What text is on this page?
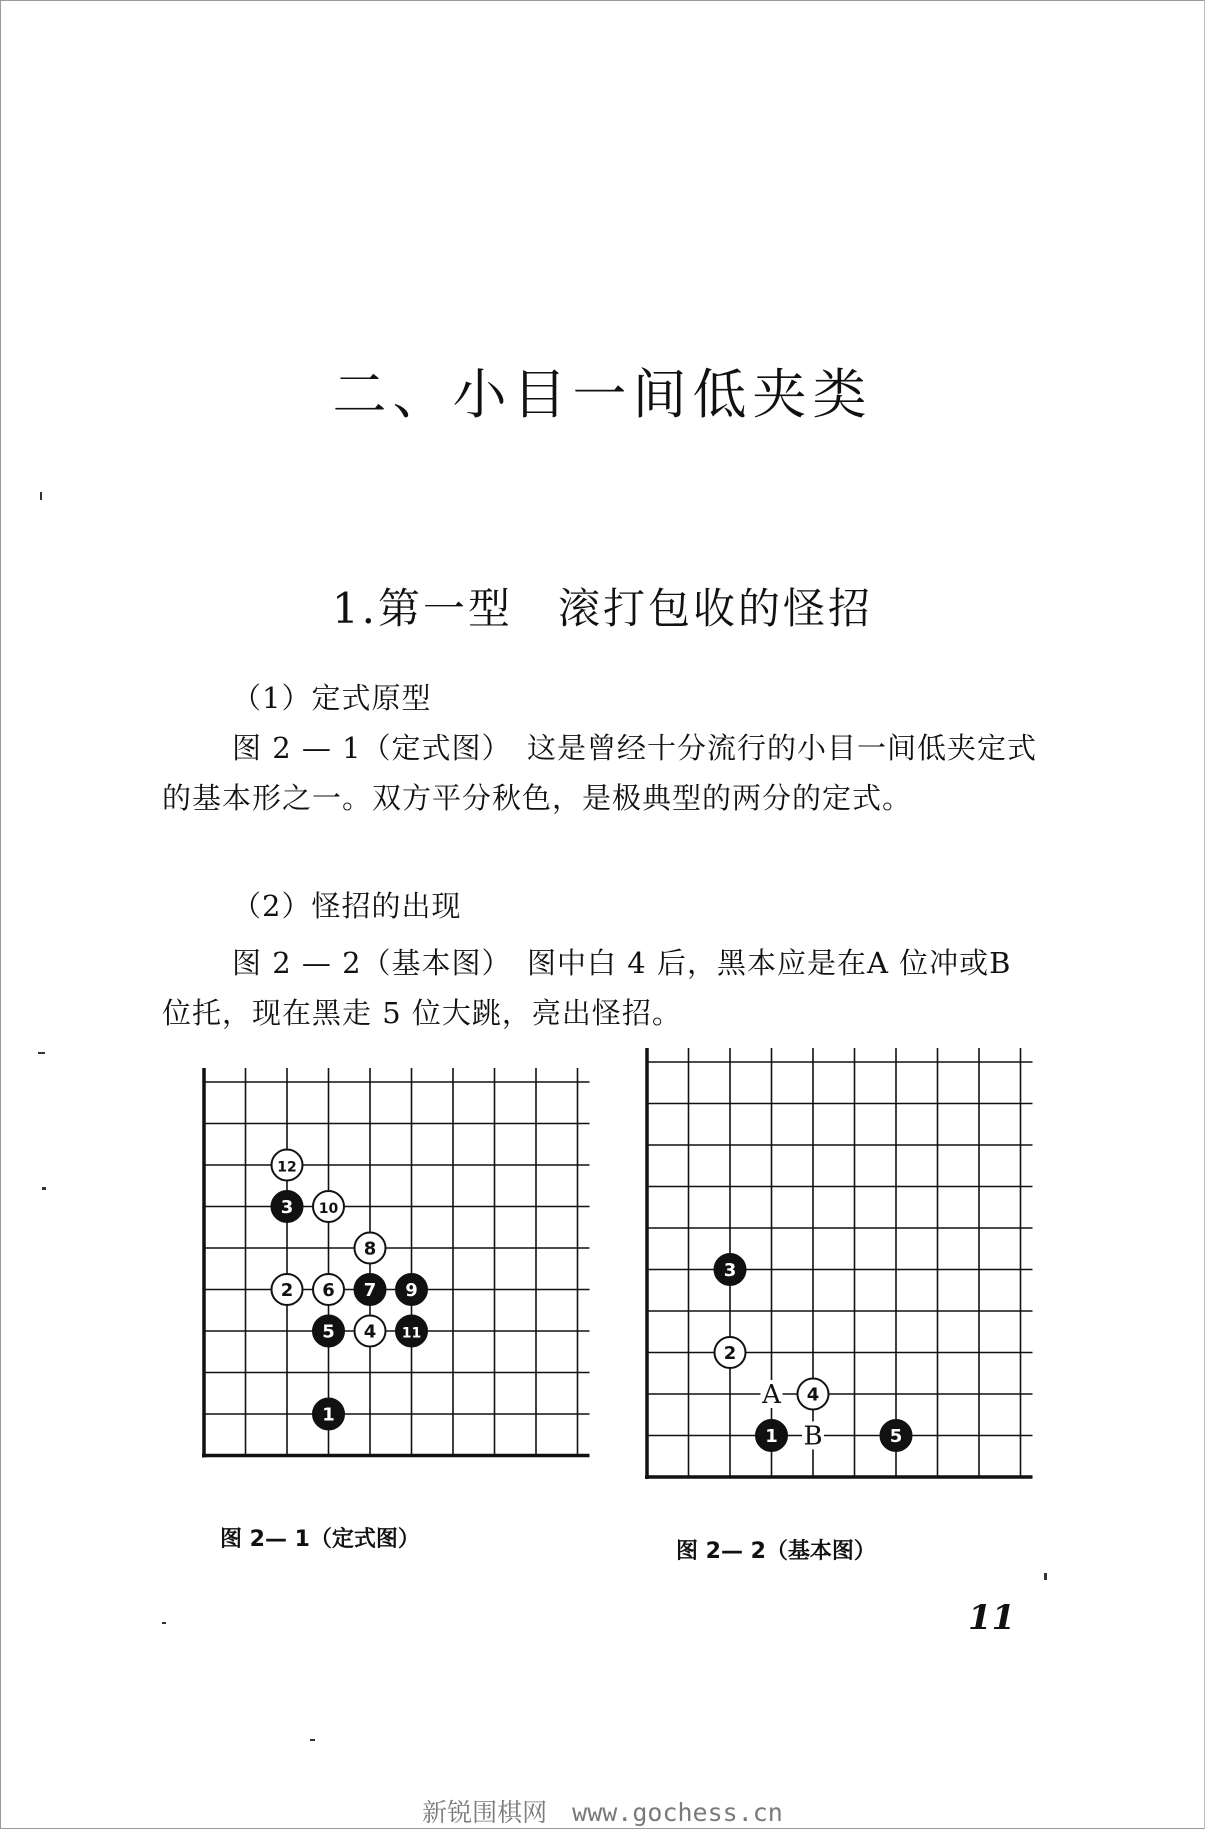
二、小目一间低夹类
1.第一型　滚打包收的怪招
（1）定式原型
图 2 — 1（定式图）　这是曾经十分流行的小目一间低夹定式的基本形之一。双方平分秋色，是极典型的两分的定式。
（2）怪招的出现
图 2 — 2（基本图）　图中白 4 后，黑本应是在A 位冲或B 位托，现在黑走 5 位大跳，亮出怪招。
1
2
3
4
5
6 7
8
9
10
11
12
1
2
3
4
5
A
B
图 2— 1（定式图）	图 2— 2（基本图）
11
新锐围棋网　www.gochess.cn
